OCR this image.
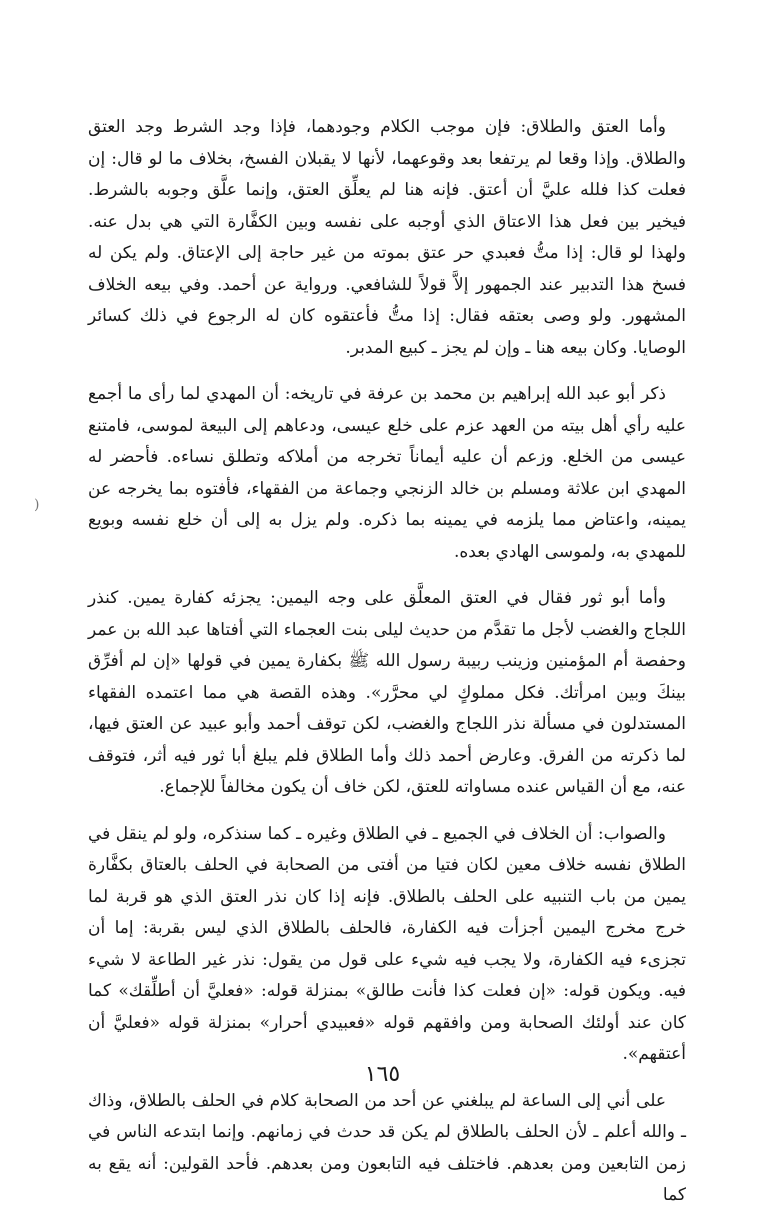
وأما العتق والطلاق: فإن موجب الكلام وجودهما، فإذا وجد الشرط وجد العتق والطلاق. وإذا وقعا لم يرتفعا بعد وقوعهما، لأنها لا يقبلان الفسخ، بخلاف ما لو قال: إن فعلت كذا فلله عليَّ أن أعتق. فإنه هنا لم يعلِّق العتق، وإنما علَّق وجوبه بالشرط. فيخير بين فعل هذا الاعتاق الذي أوجبه على نفسه وبين الكفَّارة التي هي بدل عنه. ولهذا لو قال: إذا متُّ فعبدي حر عتق بموته من غير حاجة إلى الإعتاق. ولم يكن له فسخ هذا التدبير عند الجمهور إلاَّ قولاً للشافعي. ورواية عن أحمد. وفي بيعه الخلاف المشهور. ولو وصى بعتقه فقال: إذا متُّ فأعتقوه كان له الرجوع في ذلك كسائر الوصايا. وكان بيعه هنا ـ وإن لم يجز ـ كبيع المدبر.

ذكر أبو عبد الله إبراهيم بن محمد بن عرفة في تاريخه: أن المهدي لما رأى ما أجمع عليه رأي أهل بيته من العهد عزم على خلع عيسى، ودعاهم إلى البيعة لموسى، فامتنع عيسى من الخلع. وزعم أن عليه أيماناً تخرجه من أملاكه وتطلق نساءه. فأحضر له المهدي ابن علاثة ومسلم بن خالد الزنجي وجماعة من الفقهاء، فأفتوه بما يخرجه عن يمينه، واعتاض مما يلزمه في يمينه بما ذكره. ولم يزل به إلى أن خلع نفسه وبويع للمهدي به، ولموسى الهادي بعده.

وأما أبو ثور فقال في العتق المعلَّق على وجه اليمين: يجزئه كفارة يمين. كنذر اللجاج والغضب لأجل ما تقدَّم من حديث ليلى بنت العجماء التي أفتاها عبد الله بن عمر وحفصة أم المؤمنين وزينب ربيبة رسول الله ﷺ بكفارة يمين في قولها «إن لم أفرِّق بينكَ وبين امرأتك. فكل مملوكٍ لي محرَّر». وهذه القصة هي مما اعتمده الفقهاء المستدلون في مسألة نذر اللجاج والغضب، لكن توقف أحمد وأبو عبيد عن العتق فيها، لما ذكرته من الفرق. وعارض أحمد ذلك وأما الطلاق فلم يبلغ أبا ثور فيه أثر، فتوقف عنه، مع أن القياس عنده مساواته للعتق، لكن خاف أن يكون مخالفاً للإجماع.

والصواب: أن الخلاف في الجميع ـ في الطلاق وغيره ـ كما سنذكره، ولو لم ينقل في الطلاق نفسه خلاف معين لكان فتيا من أفتى من الصحابة في الحلف بالعتاق بكفَّارة يمين من باب التنبيه على الحلف بالطلاق. فإنه إذا كان نذر العتق الذي هو قربة لما خرج مخرج اليمين أجزأت فيه الكفارة، فالحلف بالطلاق الذي ليس بقربة: إما أن تجزىء فيه الكفارة، ولا يجب فيه شيء على قول من يقول: نذر غير الطاعة لا شيء فيه. ويكون قوله: «إن فعلت كذا فأنت طالق» بمنزلة قوله: «فعليَّ أن أطلِّقك» كما كان عند أولئك الصحابة ومن وافقهم قوله «فعبيدي أحرار» بمنزلة قوله «فعليَّ أن أعتقهم».

على أني إلى الساعة لم يبلغني عن أحد من الصحابة كلام في الحلف بالطلاق، وذاك ـ والله أعلم ـ لأن الحلف بالطلاق لم يكن قد حدث في زمانهم. وإنما ابتدعه الناس في زمن التابعين ومن بعدهم. فاختلف فيه التابعون ومن بعدهم. فأحد القولين: أنه يقع به كما

)
١٦٥
